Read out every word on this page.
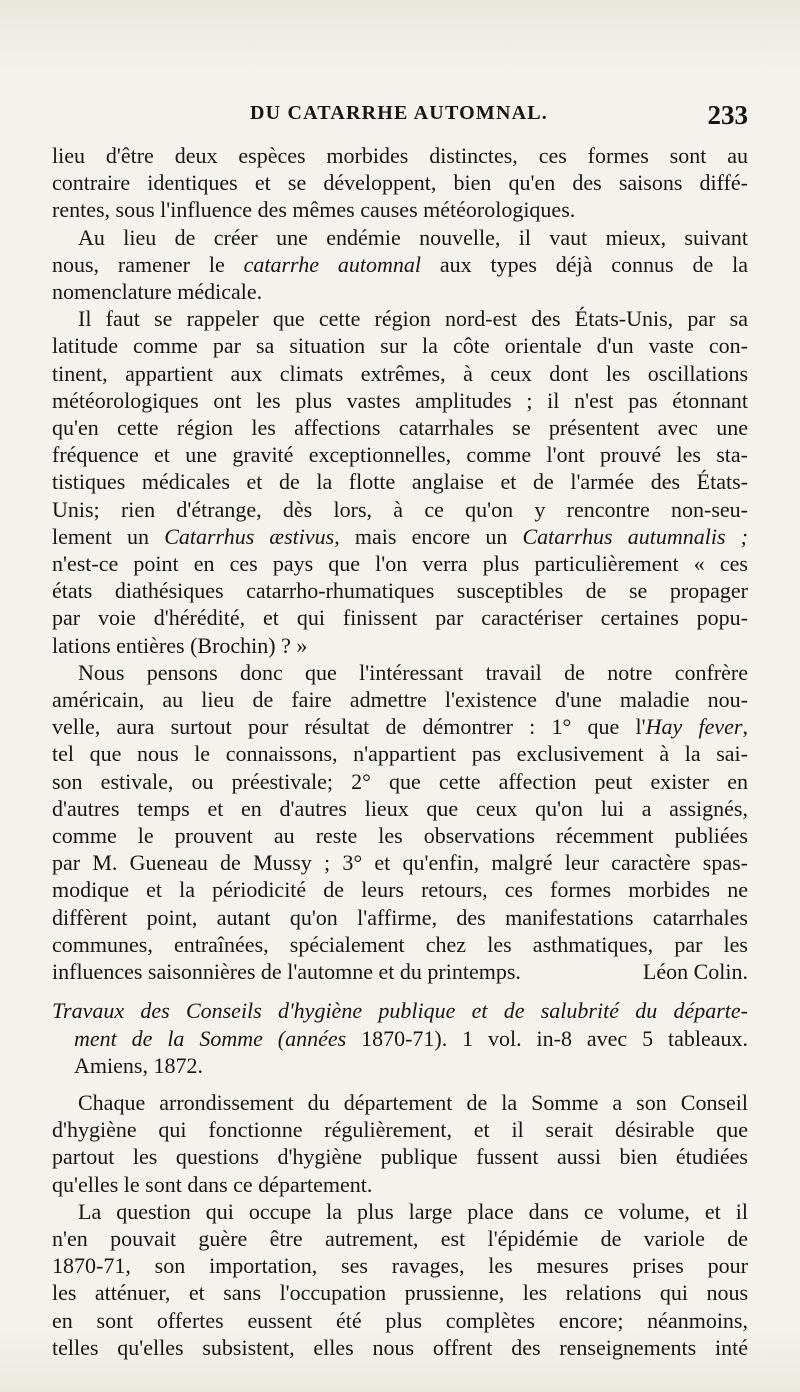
DU CATARRHE AUTOMNAL.	233

lieu d'être deux espèces morbides distinctes, ces formes sont au
contraire identiques et se développent, bien qu'en des saisons diffé-
rentes, sous l'influence des mêmes causes météorologiques.

Au lieu de créer une endémie nouvelle, il vaut mieux, suivant
nous, ramener le catarrhe automnal aux types déjà connus de la
nomenclature médicale.

Il faut se rappeler que cette région nord-est des États-Unis, par sa
latitude comme par sa situation sur la côte orientale d'un vaste con-
tinent, appartient aux climats extrêmes, à ceux dont les oscillations
météorologiques ont les plus vastes amplitudes ; il n'est pas étonnant
qu'en cette région les affections catarrhales se présentent avec une
fréquence et une gravité exceptionnelles, comme l'ont prouvé les sta-
tistiques médicales et de la flotte anglaise et de l'armée des États-
Unis; rien d'étrange, dès lors, à ce qu'on y rencontre non-seu-
lement un Catarrhus æstivus, mais encore un Catarrhus autumnalis ;
n'est-ce point en ces pays que l'on verra plus particulièrement « ces
états diathésiques catarrho-rhumatiques susceptibles de se propager
par voie d'hérédité, et qui finissent par caractériser certaines popu-
lations entières (Brochin) ? »

Nous pensons donc que l'intéressant travail de notre confrère
américain, au lieu de faire admettre l'existence d'une maladie nou-
velle, aura surtout pour résultat de démontrer : 1° que l'Hay fever,
tel que nous le connaissons, n'appartient pas exclusivement à la sai-
son estivale, ou préestivale; 2° que cette affection peut exister en
d'autres temps et en d'autres lieux que ceux qu'on lui a assignés,
comme le prouvent au reste les observations récemment publiées
par M. Gueneau de Mussy ; 3° et qu'enfin, malgré leur caractère spas-
modique et la périodicité de leurs retours, ces formes morbides ne
diffèrent point, autant qu'on l'affirme, des manifestations catarrhales
communes, entraînées, spécialement chez les asthmatiques, par les
influences saisonnières de l'automne et du printemps.	Léon Colin.

Travaux des Conseils d'hygiène publique et de salubrité du départe-
ment de la Somme (années 1870-71). 1 vol. in-8 avec 5 tableaux.
Amiens, 1872.

Chaque arrondissement du département de la Somme a son Conseil
d'hygiène qui fonctionne régulièrement, et il serait désirable que
partout les questions d'hygiène publique fussent aussi bien étudiées
qu'elles le sont dans ce département.

La question qui occupe la plus large place dans ce volume, et il
n'en pouvait guère être autrement, est l'épidémie de variole de
1870-71, son importation, ses ravages, les mesures prises pour
les atténuer, et sans l'occupation prussienne, les relations qui nous
en sont offertes eussent été plus complètes encore; néanmoins,
telles qu'elles subsistent, elles nous offrent des renseignements inté
